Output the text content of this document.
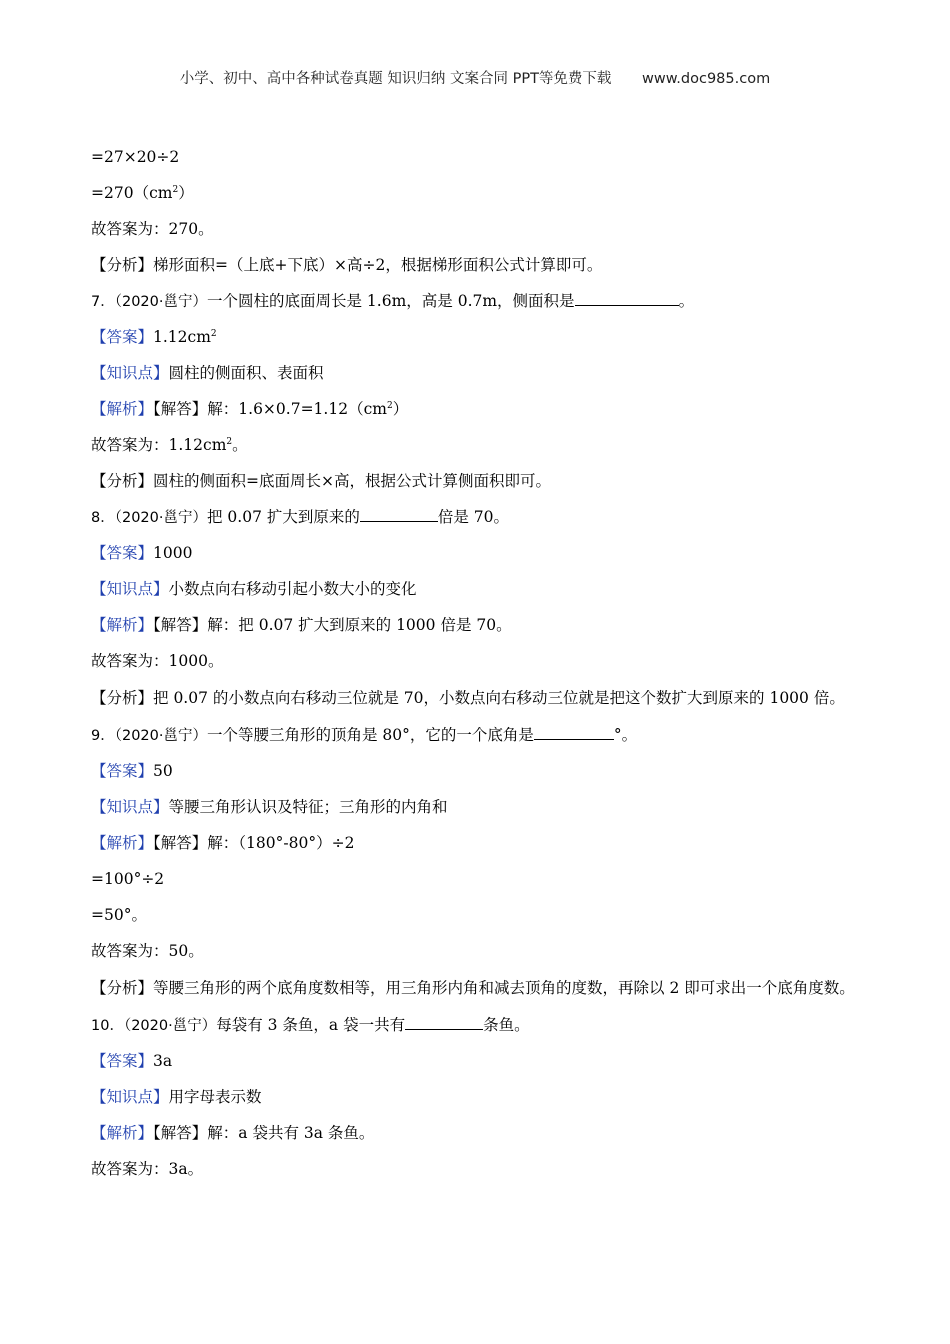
小学、初中、高中各种试卷真题 知识归纳 文案合同 PPT等免费下载 www.doc985.com
=27×20÷2
$=270(cm^2)$
故答案为：270。
【分析】梯形面积=（上底+下底）×高÷2，根据梯形面积公式计算即可。
7．（2020·邕宁）一个圆柱的底面周长是 1.6m，高是 0.7m，侧面积是	。
【答案】$1.12cm^2$
【知识点】圆柱的侧面积、表面积
【解析】【解答】解：$1.6\times 0.7=1.12(cm^2)$
故答案为：$1.12cm^2$。
【分析】圆柱的侧面积=底面周长×高，根据公式计算侧面积即可。
8．（2020·邕宁）把 0.07 扩大到原来的	倍是 70。
【答案】1000
【知识点】小数点向右移动引起小数大小的变化
【解析】【解答】解：把 0.07 扩大到原来的 1000 倍是 70。
故答案为：1000。
【分析】把 0.07 的小数点向右移动三位就是 70，小数点向右移动三位就是把这个数扩大到原来的 1000 倍。
9．（2020·邕宁）一个等腰三角形的顶角是 80°，它的一个底角是	°。
【答案】50
【知识点】等腰三角形认识及特征；三角形的内角和
【解析】【解答】解：（180°-80°）÷2
=100°÷2
=50°。
故答案为：50。
【分析】等腰三角形的两个底角度数相等，用三角形内角和减去顶角的度数，再除以 2 即可求出一个底角度数。
10．（2020·邕宁）每袋有 3 条鱼，a 袋一共有	条鱼。
【答案】3a
【知识点】用字母表示数
【解析】【解答】解：a 袋共有 3a 条鱼。
故答案为：3a。
